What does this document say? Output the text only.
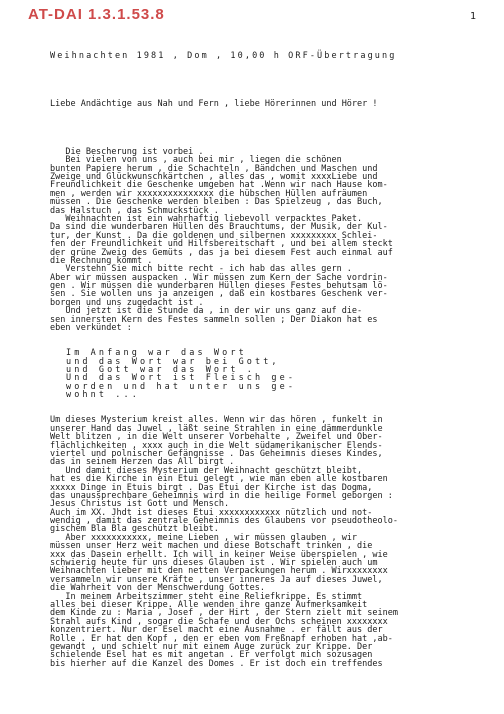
AT-DAI 1.3.1.53.8	1

Weihnachten 1981 , Dom , 10,00 h ORF-Übertragung

Liebe Andächtige aus Nah und Fern , liebe Hörerinnen und Hörer !

Die Bescherung ist vorbei .
Bei vielen von uns , auch bei mir , liegen die schönen
bunten Papiere herum , die Schachteln , Bändchen und Maschen und
Zweige und Glückwunschkärtchen , alles das , womit xxxxLiebe und
Freundlichkeit die Geschenke umgeben hat .Wenn wir nach Hause kom-
men , werden wir xxxxxxxxxxxxxxx die hübschen Hüllen aufräumen
müssen . Die Geschenke werden bleiben : Das Spielzeug , das Buch,
das Halstuch , das Schmuckstück .
Weihnachten ist ein wahrhaftig liebevoll verpacktes Paket.
Da sind die wunderbaren Hüllen des Brauchtums, der Musik, der Kul-
tur, der Kunst . Da die goldenen und silbernen xxxxxxxxx Schlei-
fen der Freundlichkeit und Hilfsbereitschaft , und bei allem steckt
der grüne Zweig des Gemüts , das ja bei diesem Fest auch einmal auf
die Rechnung kommt .
Verstehn Sie mich bitte recht - ich hab das alles gern .
Aber wir müssen auspacken . Wir müssen zum Kern der Sache vordrin-
gen . Wir müssen die wunderbaren Hüllen dieses Festes behutsam lö-
sen . Sie wollen uns ja anzeigen , daß ein kostbares Geschenk ver-
borgen und uns zugedacht ist .
Und jetzt ist die Stunde da , in der wir uns ganz auf die-
sen innersten Kern des Festes sammeln sollen ; Der Diakon hat es
eben verkündet :

Im Anfang war das Wort
und das Wort war bei Gott,
und Gott war das Wort .
Und das Wort ist Fleisch ge-
worden und hat unter uns ge-
wohnt ...

Um dieses Mysterium kreist alles. Wenn wir das hören , funkelt in
unserer Hand das Juwel , läßt seine Strahlen in eine dämmerdunkle
Welt blitzen , in die Welt unserer Vorbehalte , Zweifel und Ober-
flächlichkeiten , xxxx auch in die Welt südamerikanischer Elends-
viertel und polnischer Gefängnisse . Das Geheimnis dieses Kindes,
das in seinem Herzen das All birgt .
Und damit dieses Mysterium der Weihnacht geschützt bleibt,
hat es die Kirche in ein Etui gelegt , wie man eben alle kostbaren
xxxxx Dinge in Etuis birgt . Das Etui der Kirche ist das Dogma,
das unaussprechbare Geheimnis wird in die heilige Formel geborgen :
Jesus Christus ist Gott und Mensch.
Auch im XX. Jhdt ist dieses Etui xxxxxxxxxxxx nützlich und not-
wendig , damit das zentrale Geheimnis des Glaubens vor pseudotheolo-
gischem Bla Bla geschützt bleibt.
Aber xxxxxxxxxxx, meine Lieben , wir müssen glauben , wir
müssen unser Herz weit machen und diese Botschaft trinken , die
xxx das Dasein erhellt. Ich will in keiner Weise überspielen , wie
schwierig heute für uns dieses Glauben ist . Wir spielen auch um
Weihnachten lieber mit den netten Verpackungen herum . Wirxxxxxxxx
versammeln wir unsere Kräfte , unser inneres Ja auf dieses Juwel,
die Wahrheit von der Menschwerdung Gottes.
In meinem Arbeitszimmer steht eine Reliefkrippe. Es stimmt
alles bei dieser Krippe. Alle wenden ihre ganze Aufmerksamkeit
dem Kinde zu : Maria , Josef , der Hirt , der Stern zielt mit seinem
Strahl aufs Kind , sogar die Schafe und der Ochs scheinen xxxxxxxx
konzentriert. Nur der Esel macht eine Ausnahme . er fällt aus der
Rolle . Er hat den Kopf , den er eben vom Freßnapf erhoben hat ,ab-
gewandt , und schielt nur mit einem Auge zurück zur Krippe. Der
schielende Esel hat es mit angetan . Er verfolgt mich sozusagen
bis hierher auf die Kanzel des Domes . Er ist doch ein treffendes
